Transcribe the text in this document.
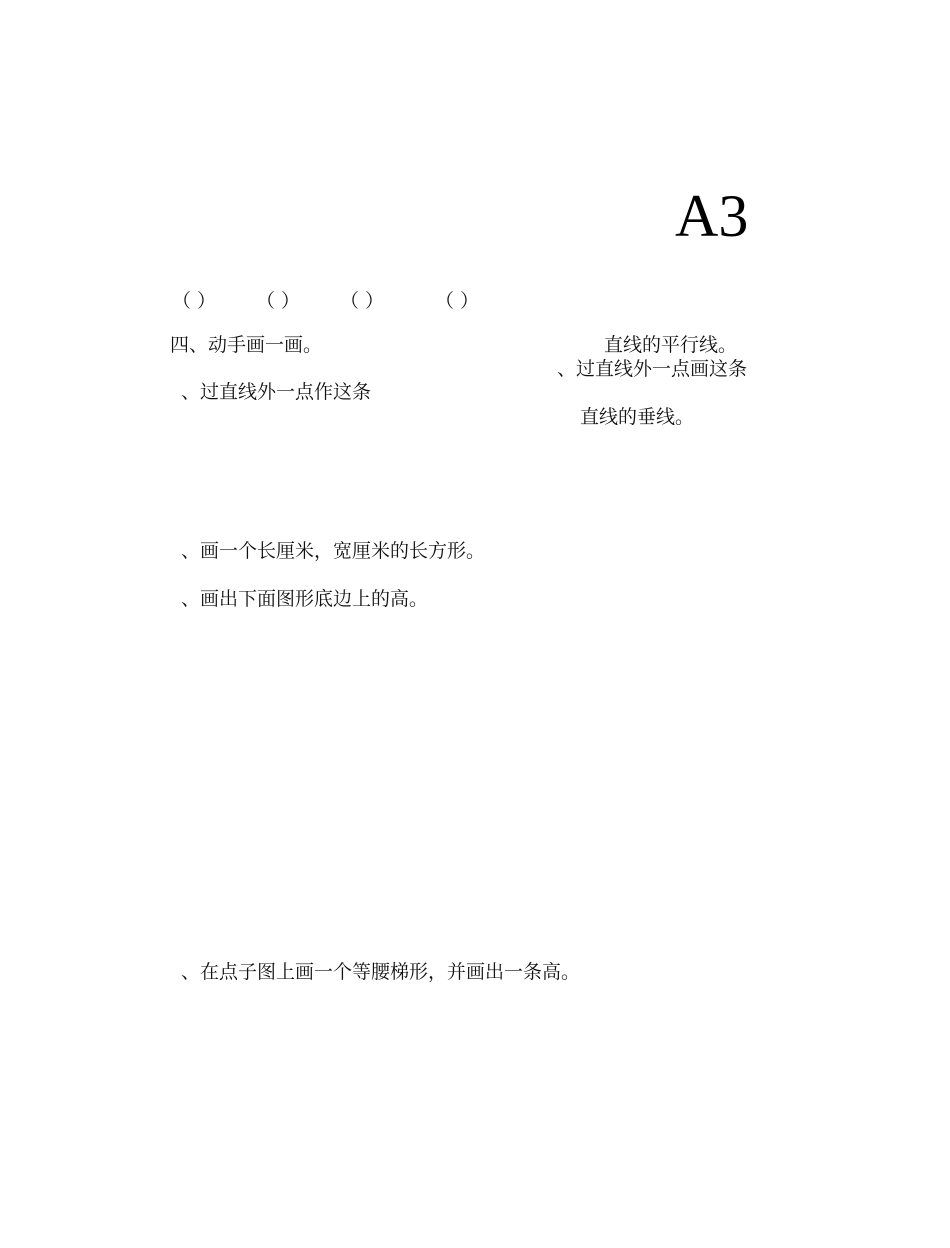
A3
（ ） （ ） （ ）	（ ）
四、动手画一画。
、过直线外一点作这条
直线的平行线。
、过直线外一点画这条
直线的垂线。
、画一个长厘米，宽厘米的长方形。
、画出下面图形底边上的高。
、在点子图上画一个等腰梯形，并画出一条高。
